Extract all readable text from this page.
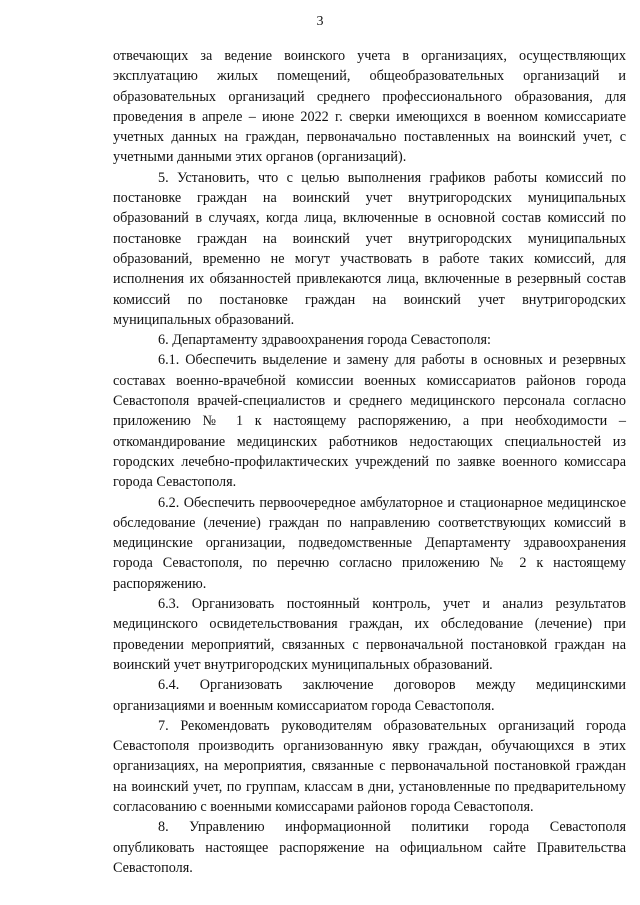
3

отвечающих за ведение воинского учета в организациях, осуществляющих эксплуатацию жилых помещений, общеобразовательных организаций и образовательных организаций среднего профессионального образования, для проведения в апреле – июне 2022 г. сверки имеющихся в военном комиссариате учетных данных на граждан, первоначально поставленных на воинский учет, с учетными данными этих органов (организаций).

5. Установить, что с целью выполнения графиков работы комиссий по постановке граждан на воинский учет внутригородских муниципальных образований в случаях, когда лица, включенные в основной состав комиссий по постановке граждан на воинский учет внутригородских муниципальных образований, временно не могут участвовать в работе таких комиссий, для исполнения их обязанностей привлекаются лица, включенные в резервный состав комиссий по постановке граждан на воинский учет внутригородских муниципальных образований.

6. Департаменту здравоохранения города Севастополя:

6.1. Обеспечить выделение и замену для работы в основных и резервных составах военно-врачебной комиссии военных комиссариатов районов города Севастополя врачей-специалистов и среднего медицинского персонала согласно приложению № 1 к настоящему распоряжению, а при необходимости – откомандирование медицинских работников недостающих специальностей из городских лечебно-профилактических учреждений по заявке военного комиссара города Севастополя.

6.2. Обеспечить первоочередное амбулаторное и стационарное медицинское обследование (лечение) граждан по направлению соответствующих комиссий в медицинские организации, подведомственные Департаменту здравоохранения города Севастополя, по перечню согласно приложению № 2 к настоящему распоряжению.

6.3. Организовать постоянный контроль, учет и анализ результатов медицинского освидетельствования граждан, их обследование (лечение) при проведении мероприятий, связанных с первоначальной постановкой граждан на воинский учет внутригородских муниципальных образований.

6.4. Организовать заключение договоров между медицинскими организациями и военным комиссариатом города Севастополя.

7. Рекомендовать руководителям образовательных организаций города Севастополя производить организованную явку граждан, обучающихся в этих организациях, на мероприятия, связанные с первоначальной постановкой граждан на воинский учет, по группам, классам в дни, установленные по предварительному согласованию с военными комиссарами районов города Севастополя.

8. Управлению информационной политики города Севастополя опубликовать настоящее распоряжение на официальном сайте Правительства Севастополя.
